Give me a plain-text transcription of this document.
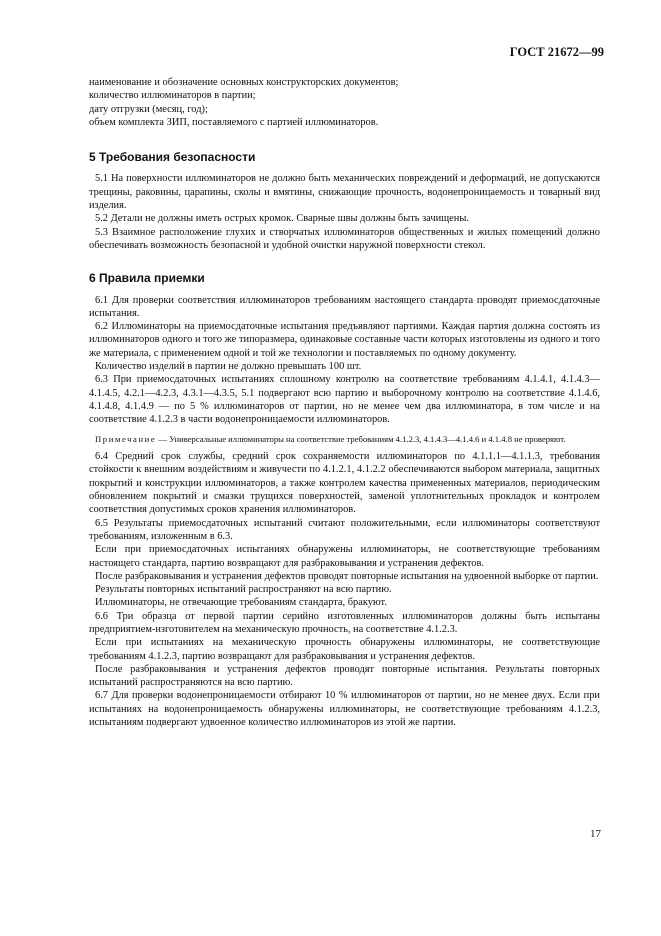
ГОСТ 21672—99

наименование и обозначение основных конструкторских документов;

количество иллюминаторов в партии;

дату отгрузки (месяц, год);

объем комплекта ЗИП, поставляемого с партией иллюминаторов.

5 Требования безопасности

5.1 На поверхности иллюминаторов не должно быть механических повреждений и деформаций, не допускаются трещины, раковины, царапины, сколы и вмятины, снижающие прочность, водонепроницаемость и товарный вид изделия.

5.2 Детали не должны иметь острых кромок. Сварные швы должны быть зачищены.

5.3 Взаимное расположение глухих и створчатых иллюминаторов общественных и жилых помещений должно обеспечивать возможность безопасной и удобной очистки наружной поверхности стекол.

6 Правила приемки

6.1 Для проверки соответствия иллюминаторов требованиям настоящего стандарта проводят приемосдаточные испытания.

6.2 Иллюминаторы на приемосдаточные испытания предъявляют партиями. Каждая партия должна состоять из иллюминаторов одного и того же типоразмера, одинаковые составные части которых изготовлены из одного и того же материала, с применением одной и той же технологии и поставляемых по одному документу.

Количество изделий в партии не должно превышать 100 шт.

6.3 При приемосдаточных испытаниях сплошному контролю на соответствие требованиям 4.1.4.1, 4.1.4.3—4.1.4.5, 4.2.1—4.2.3, 4.3.1—4.3.5, 5.1 подвергают всю партию и выборочному контролю на соответствие 4.1.4.6, 4.1.4.8, 4.1.4.9 — по 5 % иллюминаторов от партии, но не менее чем два иллюминатора, в том числе и на соответствие 4.1.2.3 в части водонепроницаемости иллюминаторов.

Примечание — Универсальные иллюминаторы на соответствие требованиям 4.1.2.3, 4.1.4.3—4.1.4.6 и 4.1.4.8 не проверяют.

6.4 Средний срок службы, средний срок сохраняемости иллюминаторов по 4.1.1.1—4.1.1.3, требования стойкости к внешним воздействиям и живучести по 4.1.2.1, 4.1.2.2 обеспечиваются выбором материала, защитных покрытий и конструкции иллюминаторов, а также контролем качества примененных материалов, периодическим обновлением покрытий и смазки трущихся поверхностей, заменой уплотнительных прокладок и контролем соответствия допустимых сроков хранения иллюминаторов.

6.5 Результаты приемосдаточных испытаний считают положительными, если иллюминаторы соответствуют требованиям, изложенным в 6.3.

Если при приемосдаточных испытаниях обнаружены иллюминаторы, не соответствующие требованиям настоящего стандарта, партию возвращают для разбраковывания и устранения дефектов.

После разбраковывания и устранения дефектов проводят повторные испытания на удвоенной выборке от партии.

Результаты повторных испытаний распространяют на всю партию.

Иллюминаторы, не отвечающие требованиям стандарта, бракуют.

6.6 Три образца от первой партии серийно изготовленных иллюминаторов должны быть испытаны предприятием-изготовителем на механическую прочность, на соответствие 4.1.2.3.

Если при испытаниях на механическую прочность обнаружены иллюминаторы, не соответствующие требованиям 4.1.2.3, партию возвращают для разбраковывания и устранения дефектов.

После разбраковывания и устранения дефектов проводят повторные испытания. Результаты повторных испытаний распространяются на всю партию.

6.7 Для проверки водонепроницаемости отбирают 10 % иллюминаторов от партии, но не менее двух. Если при испытаниях на водонепроницаемость обнаружены иллюминаторы, не соответствующие требованиям 4.1.2.3, испытаниям подвергают удвоенное количество иллюминаторов из этой же партии.

17
